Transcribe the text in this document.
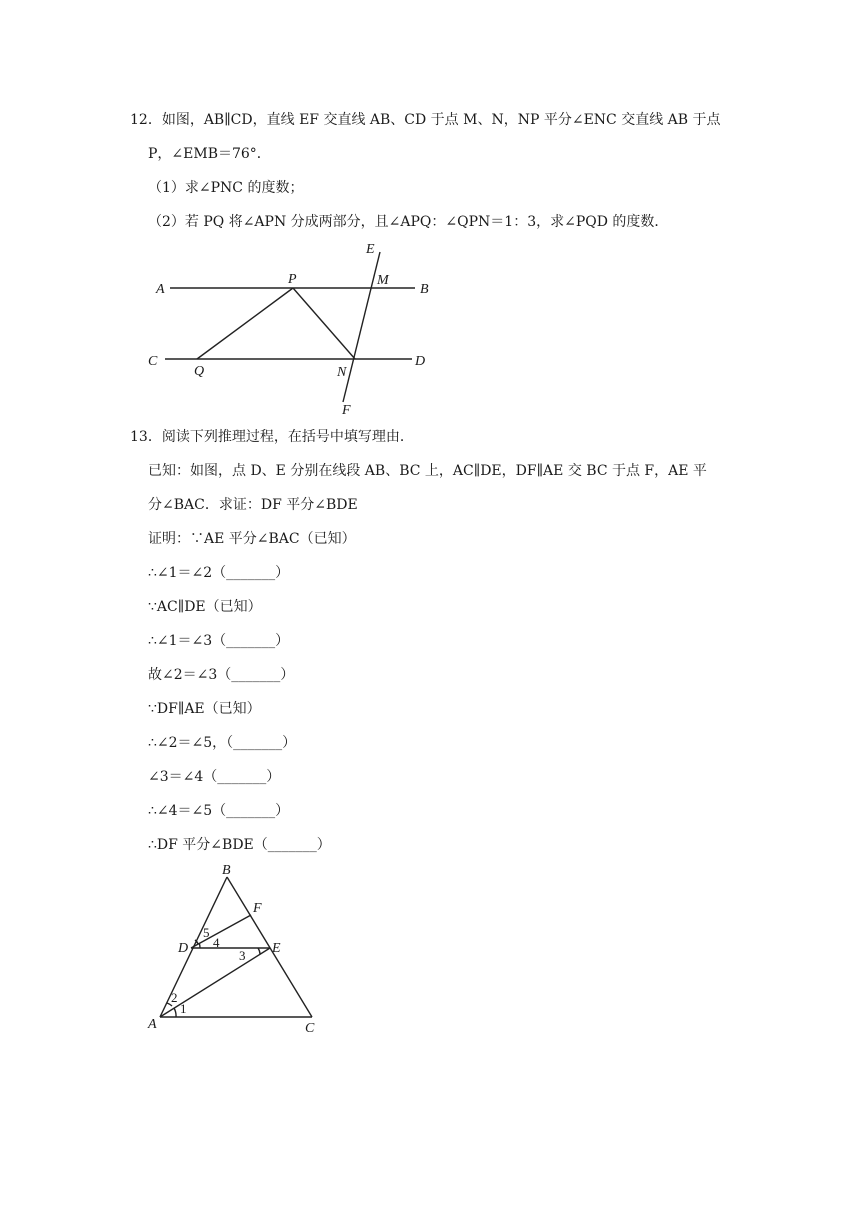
12．如图，AB∥CD，直线 EF 交直线 AB、CD 于点 M、N，NP 平分∠ENC 交直线 AB 于点
P，∠EMB＝76°．
（1）求∠PNC 的度数；
（2）若 PQ 将∠APN 分成两部分，且∠APQ：∠QPN＝1：3，求∠PQD 的度数．
E
A
P	M
B
C
Q	N
D
F
13．阅读下列推理过程，在括号中填写理由．
已知：如图，点 D、E 分别在线段 AB、BC 上，AC∥DE，DF∥AE 交 BC 于点 F，AE 平
分∠BAC．求证：DF 平分∠BDE
证明：∵AE 平分∠BAC（已知）
∴∠1＝∠2（_______）
∵AC∥DE（已知）
∴∠1＝∠3（_______）
故∠2＝∠3（_______）
∵DF∥AE（已知）
∴∠2＝∠5，（_______）
∠3＝∠4（_______）
∴∠4＝∠5（_______）
∴DF 平分∠BDE（_______）
B
F
D	E
A	C
5
4
3
2
1
